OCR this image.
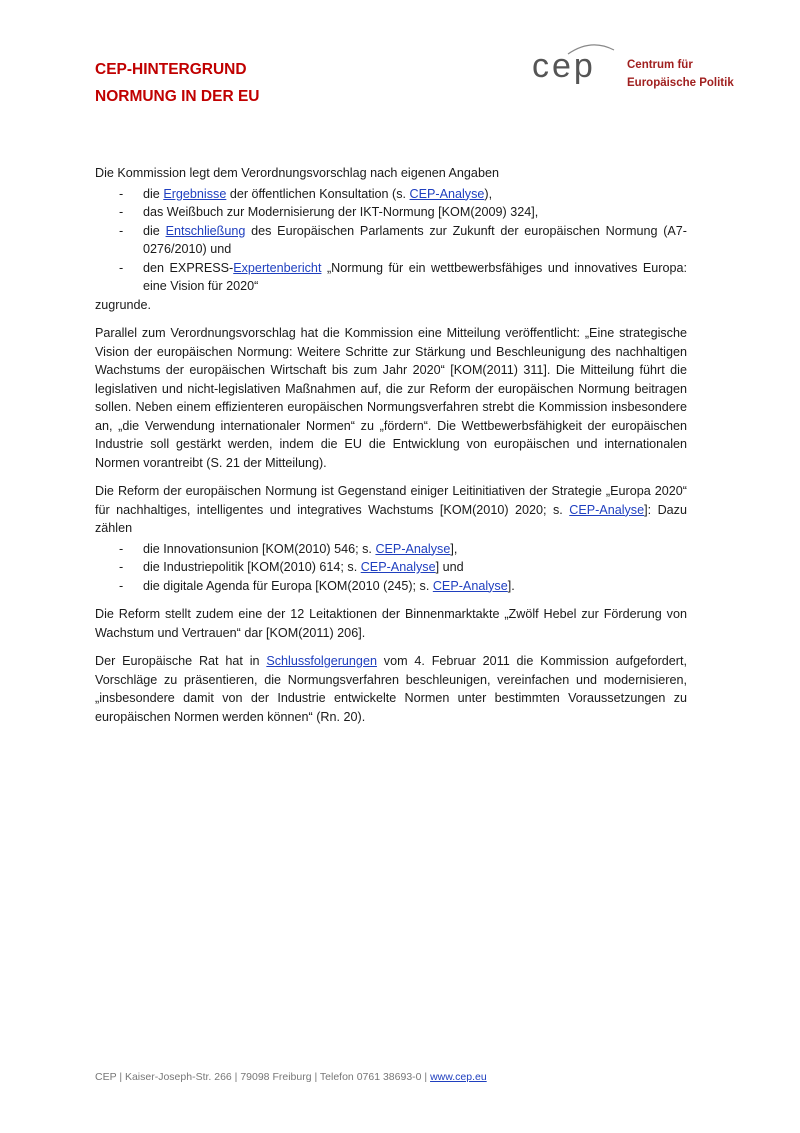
CEP-HINTERGRUND
NORMUNG IN DER EU
cep	Centrum für
Europäische Politik

Die Kommission legt dem Verordnungsvorschlag nach eigenen Angaben

- die Ergebnisse der öffentlichen Konsultation (s. CEP-Analyse),
- das Weißbuch zur Modernisierung der IKT-Normung [KOM(2009) 324],
- die Entschließung des Europäischen Parlaments zur Zukunft der europäischen Normung (A7-0276/2010) und
- den EXPRESS-Expertenbericht „Normung für ein wettbewerbsfähiges und innovatives Europa: eine Vision für 2020“

zugrunde.

Parallel zum Verordnungsvorschlag hat die Kommission eine Mitteilung veröffentlicht: „Eine strategische Vision der europäischen Normung: Weitere Schritte zur Stärkung und Beschleunigung des nachhaltigen Wachstums der europäischen Wirtschaft bis zum Jahr 2020“ [KOM(2011) 311]. Die Mitteilung führt die legislativen und nicht-legislativen Maßnahmen auf, die zur Reform der europäischen Normung beitragen sollen. Neben einem effizienteren europäischen Normungsverfahren strebt die Kommission insbesondere an, „die Verwendung internationaler Normen“ zu „fördern“. Die Wettbewerbsfähigkeit der europäischen Industrie soll gestärkt werden, indem die EU die Entwicklung von europäischen und internationalen Normen vorantreibt (S. 21 der Mitteilung).

Die Reform der europäischen Normung ist Gegenstand einiger Leitinitiativen der Strategie „Europa 2020“ für nachhaltiges, intelligentes und integratives Wachstums [KOM(2010) 2020; s. CEP-Analyse]: Dazu zählen

- die Innovationsunion [KOM(2010) 546; s. CEP-Analyse],
- die Industriepolitik [KOM(2010) 614; s. CEP-Analyse] und
- die digitale Agenda für Europa [KOM(2010 (245); s. CEP-Analyse].

Die Reform stellt zudem eine der 12 Leitaktionen der Binnenmarktakte „Zwölf Hebel zur Förderung von Wachstum und Vertrauen“ dar [KOM(2011) 206].

Der Europäische Rat hat in Schlussfolgerungen vom 4. Februar 2011 die Kommission aufgefordert, Vorschläge zu präsentieren, die Normungsverfahren beschleunigen, vereinfachen und modernisieren, „insbesondere damit von der Industrie entwickelte Normen unter bestimmten Voraussetzungen zu europäischen Normen werden können“ (Rn. 20).

CEP | Kaiser-Joseph-Str. 266 | 79098 Freiburg | Telefon 0761 38693-0 | www.cep.eu
